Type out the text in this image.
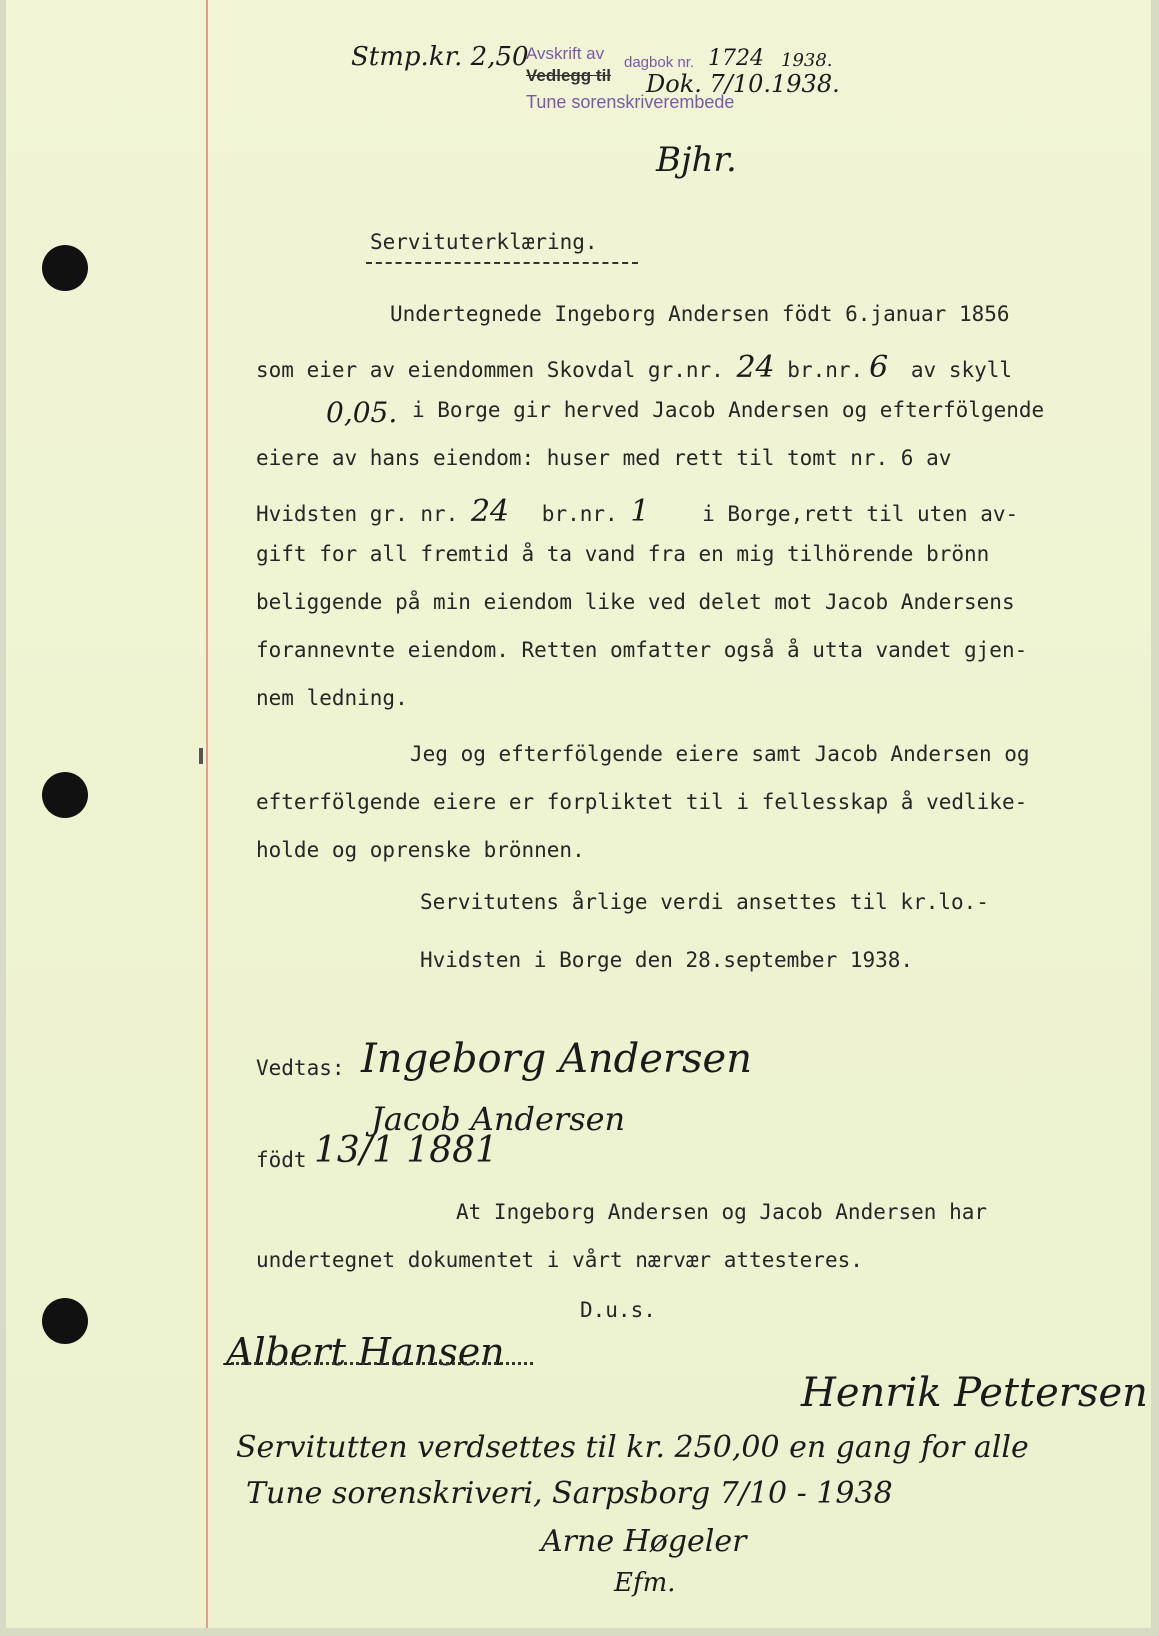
Stmp.kr. 2,50
Avskrift av dagbok nr. 1724 1938.
Vedlegg til Dok. 7/10.1938.
Tune sorenskriverembede
Bjhr.
Servituterklæring.
Undertegnede Ingeborg Andersen födt 6.januar 1856
som eier av eiendommen Skovdal gr.nr. 24 br.nr. 6 av skyll
0,05. i Borge gir herved Jacob Andersen og efterfölgende
eiere av hans eiendom: huser med rett til tomt nr. 6 av
Hvidsten gr. nr. 24 br.nr. 1	i Borge,rett til uten av-
gift for all fremtid å ta vand fra en mig tilhörende brönn
beliggende på min eiendom like ved delet mot Jacob Andersens
forannevnte eiendom. Retten omfatter også å utta vandet gjen-
nem ledning.
Jeg og efterfölgende eiere samt Jacob Andersen og
efterfölgende eiere er forpliktet til i fellesskap å vedlike-
holde og oprenske brönnen.
Servitutens årlige verdi ansettes til kr.lo.-
Hvidsten i Borge den 28.september 1938.
Vedtas: Ingeborg Andersen
Jacob Andersen
födt 13/1 1881
At Ingeborg Andersen og Jacob Andersen har
undertegnet dokumentet i vårt nærvær attesteres.
D.u.s.
Albert Hansen
Henrik Pettersen
Servitutten verdsettes til kr. 250,00 en gang for alle
Tune sorenskriveri, Sarpsborg 7/10 - 1938
Arne Høgeler
Efm.
